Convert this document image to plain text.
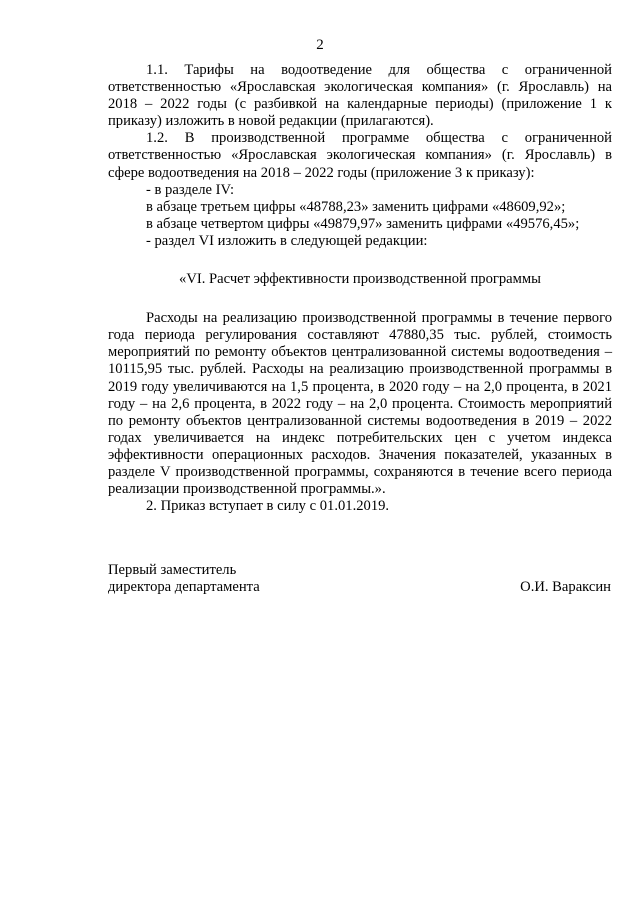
2

1.1. Тарифы на водоотведение для общества с ограниченной ответственностью «Ярославская экологическая компания» (г. Ярославль) на 2018 – 2022 годы (с разбивкой на календарные периоды) (приложение 1 к приказу) изложить в новой редакции (прилагаются).

1.2. В производственной программе общества с ограниченной ответственностью «Ярославская экологическая компания» (г. Ярославль) в сфере водоотведения на 2018 – 2022 годы (приложение 3 к приказу):

- в разделе IV:

в абзаце третьем цифры «48788,23» заменить цифрами «48609,92»;

в абзаце четвертом цифры «49879,97» заменить цифрами «49576,45»;

- раздел VI изложить в следующей редакции:

«VI. Расчет эффективности производственной программы

Расходы на реализацию производственной программы в течение первого года периода регулирования составляют 47880,35 тыс. рублей, стоимость мероприятий по ремонту объектов централизованной системы водоотведения – 10115,95 тыс. рублей. Расходы на реализацию производственной программы в 2019 году увеличиваются на 1,5 процента, в 2020 году – на 2,0 процента, в 2021 году – на 2,6 процента, в 2022 году – на 2,0 процента. Стоимость мероприятий по ремонту объектов централизованной системы водоотведения в 2019 – 2022 годах увеличивается на индекс потребительских цен с учетом индекса эффективности операционных расходов. Значения показателей, указанных в разделе V производственной программы, сохраняются в течение всего периода реализации производственной программы.».

2. Приказ вступает в силу с 01.01.2019.

Первый заместитель
директора департамента	О.И. Вараксин
